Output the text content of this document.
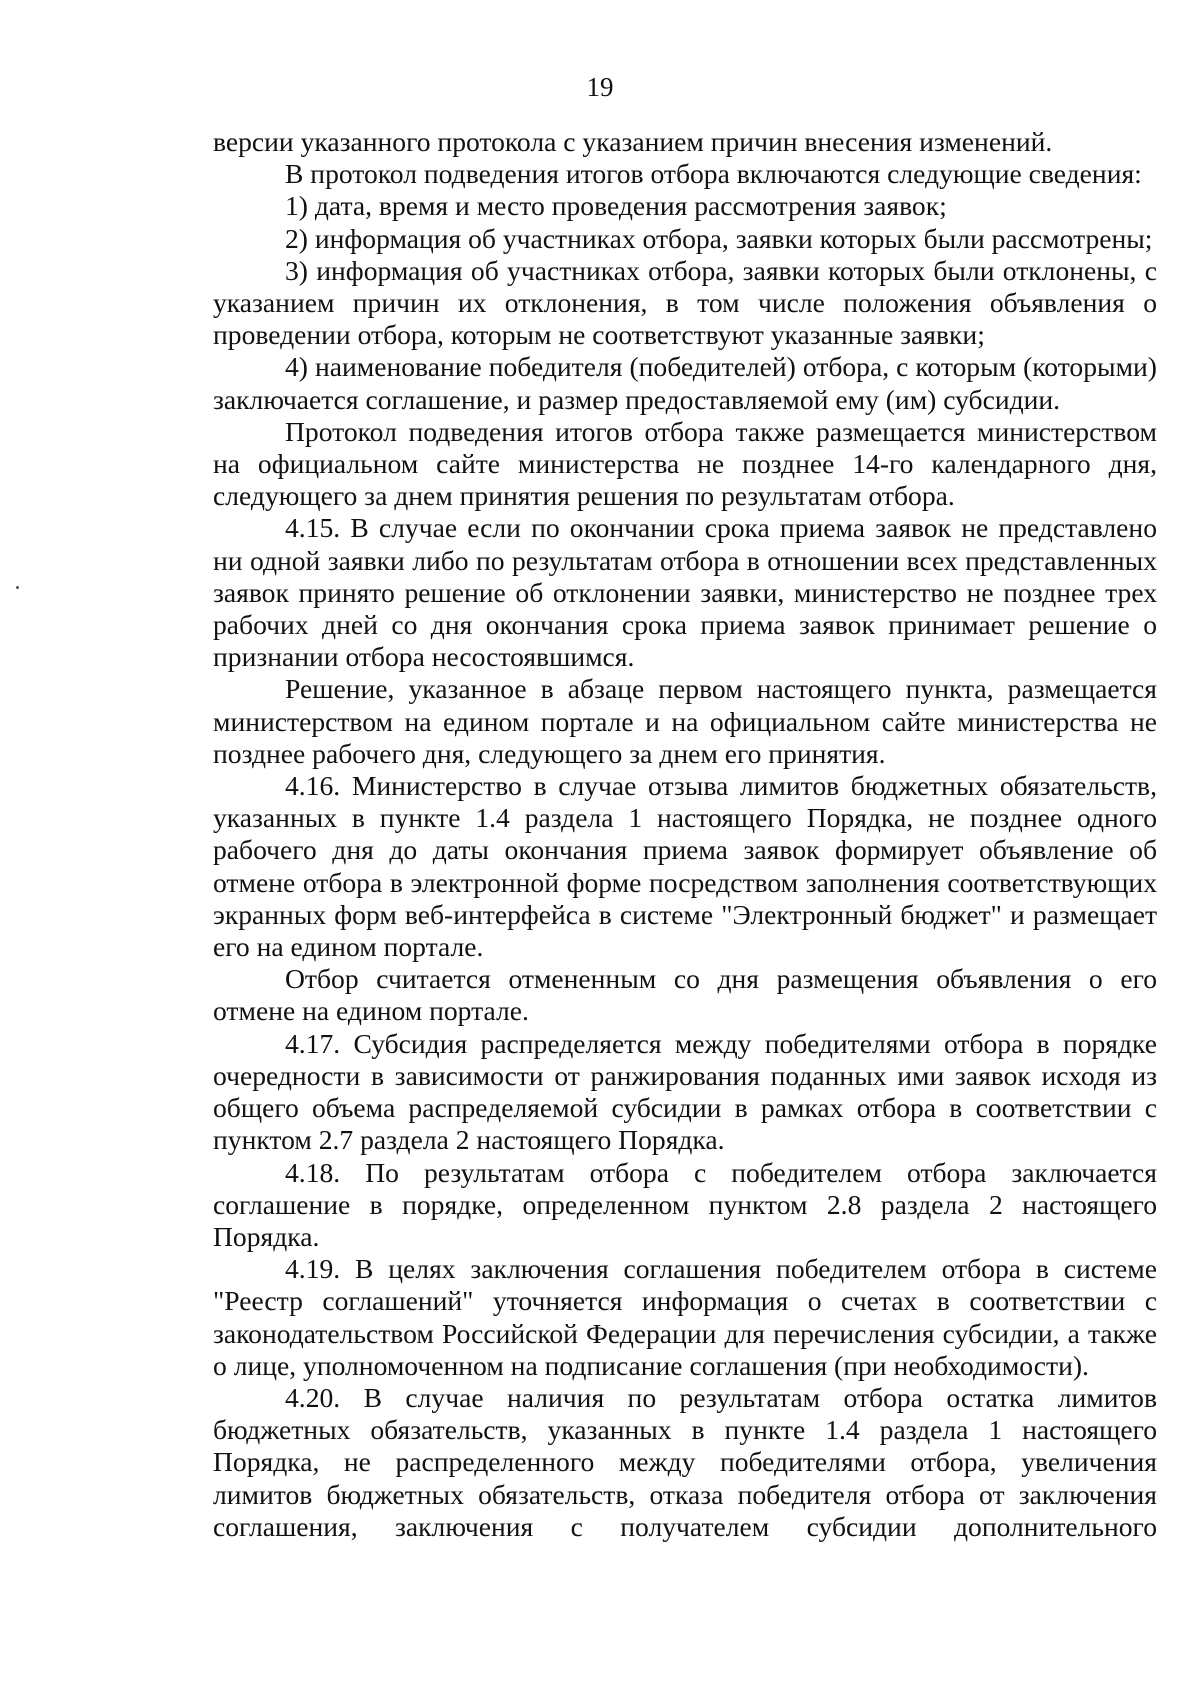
19

версии указанного протокола с указанием причин внесения изменений.

В протокол подведения итогов отбора включаются следующие сведения:

1) дата, время и место проведения рассмотрения заявок;

2) информация об участниках отбора, заявки которых были рассмотрены;

3) информация об участниках отбора, заявки которых были отклонены, с указанием причин их отклонения, в том числе положения объявления о проведении отбора, которым не соответствуют указанные заявки;

4) наименование победителя (победителей) отбора, с которым (которыми) заключается соглашение, и размер предоставляемой ему (им) субсидии.

Протокол подведения итогов отбора также размещается министерством на официальном сайте министерства не позднее 14-го календарного дня, следующего за днем принятия решения по результатам отбора.

4.15. В случае если по окончании срока приема заявок не представлено ни одной заявки либо по результатам отбора в отношении всех представленных заявок принято решение об отклонении заявки, министерство не позднее трех рабочих дней со дня окончания срока приема заявок принимает решение о признании отбора несостоявшимся.

Решение, указанное в абзаце первом настоящего пункта, размещается министерством на едином портале и на официальном сайте министерства не позднее рабочего дня, следующего за днем его принятия.

4.16. Министерство в случае отзыва лимитов бюджетных обязательств, указанных в пункте 1.4 раздела 1 настоящего Порядка, не позднее одного рабочего дня до даты окончания приема заявок формирует объявление об отмене отбора в электронной форме посредством заполнения соответствующих экранных форм веб-интерфейса в системе "Электронный бюджет" и размещает его на едином портале.

Отбор считается отмененным со дня размещения объявления о его отмене на едином портале.

4.17. Субсидия распределяется между победителями отбора в порядке очередности в зависимости от ранжирования поданных ими заявок исходя из общего объема распределяемой субсидии в рамках отбора в соответствии с пунктом 2.7 раздела 2 настоящего Порядка.

4.18. По результатам отбора с победителем отбора заключается соглашение в порядке, определенном пунктом 2.8 раздела 2 настоящего Порядка.

4.19. В целях заключения соглашения победителем отбора в системе "Реестр соглашений" уточняется информация о счетах в соответствии с законодательством Российской Федерации для перечисления субсидии, а также о лице, уполномоченном на подписание соглашения (при необходимости).

4.20. В случае наличия по результатам отбора остатка лимитов бюджетных обязательств, указанных в пункте 1.4 раздела 1 настоящего Порядка, не распределенного между победителями отбора, увеличения лимитов бюджетных обязательств, отказа победителя отбора от заключения соглашения, заключения с получателем субсидии дополнительного
